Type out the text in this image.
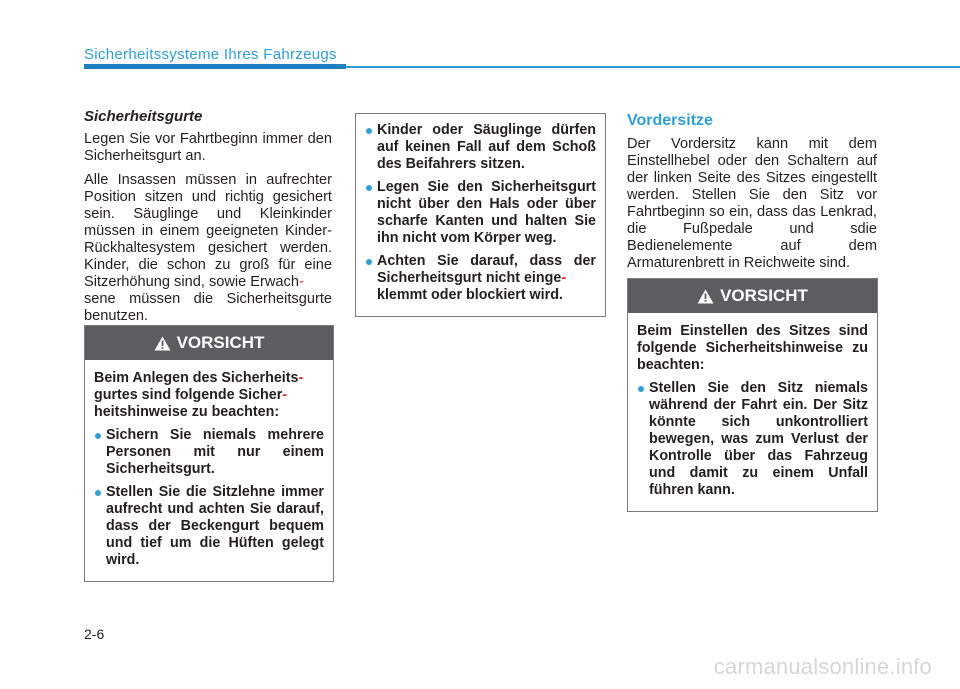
Sicherheitssysteme Ihres Fahrzeugs
Sicherheitsgurte

Legen Sie vor Fahrtbeginn immer den Sicherheitsgurt an.

Alle Insassen müssen in aufrechter Position sitzen und richtig gesichert sein. Säuglinge und Kleinkinder müssen in einem geeigneten Kinder-Rückhaltesystem gesichert werden. Kinder, die schon zu groß für eine Sitzerhöhung sind, sowie Erwach-
sene müssen die Sicherheitsgurte benutzen.

VORSICHT

Beim Anlegen des Sicherheits-
gurtes sind folgende Sicher-
heitshinweise zu beachten:

Sichern Sie niemals mehrere Personen mit nur einem Sicherheitsgurt.
Stellen Sie die Sitzlehne immer aufrecht und achten Sie darauf, dass der Beckengurt bequem und tief um die Hüften gelegt wird.
Kinder oder Säuglinge dürfen auf keinen Fall auf dem Schoß des Beifahrers sitzen.
Legen Sie den Sicherheitsgurt nicht über den Hals oder über scharfe Kanten und halten Sie ihn nicht vom Körper weg.
Achten Sie darauf, dass der Sicherheitsgurt nicht einge-
klemmt oder blockiert wird.
Vordersitze

Der Vordersitz kann mit dem Einstellhebel oder den Schaltern auf der linken Seite des Sitzes eingestellt werden. Stellen Sie den Sitz vor Fahrtbeginn so ein, dass das Lenkrad, die Fußpedale und sdie Bedienelemente auf dem Armaturenbrett in Reichweite sind.

VORSICHT

Beim Einstellen des Sitzes sind folgende Sicherheitshinweise zu beachten:

Stellen Sie den Sitz niemals während der Fahrt ein. Der Sitz könnte sich unkontrolliert bewegen, was zum Verlust der Kontrolle über das Fahrzeug und damit zu einem Unfall führen kann.
2-6
carmanualsonline.info
